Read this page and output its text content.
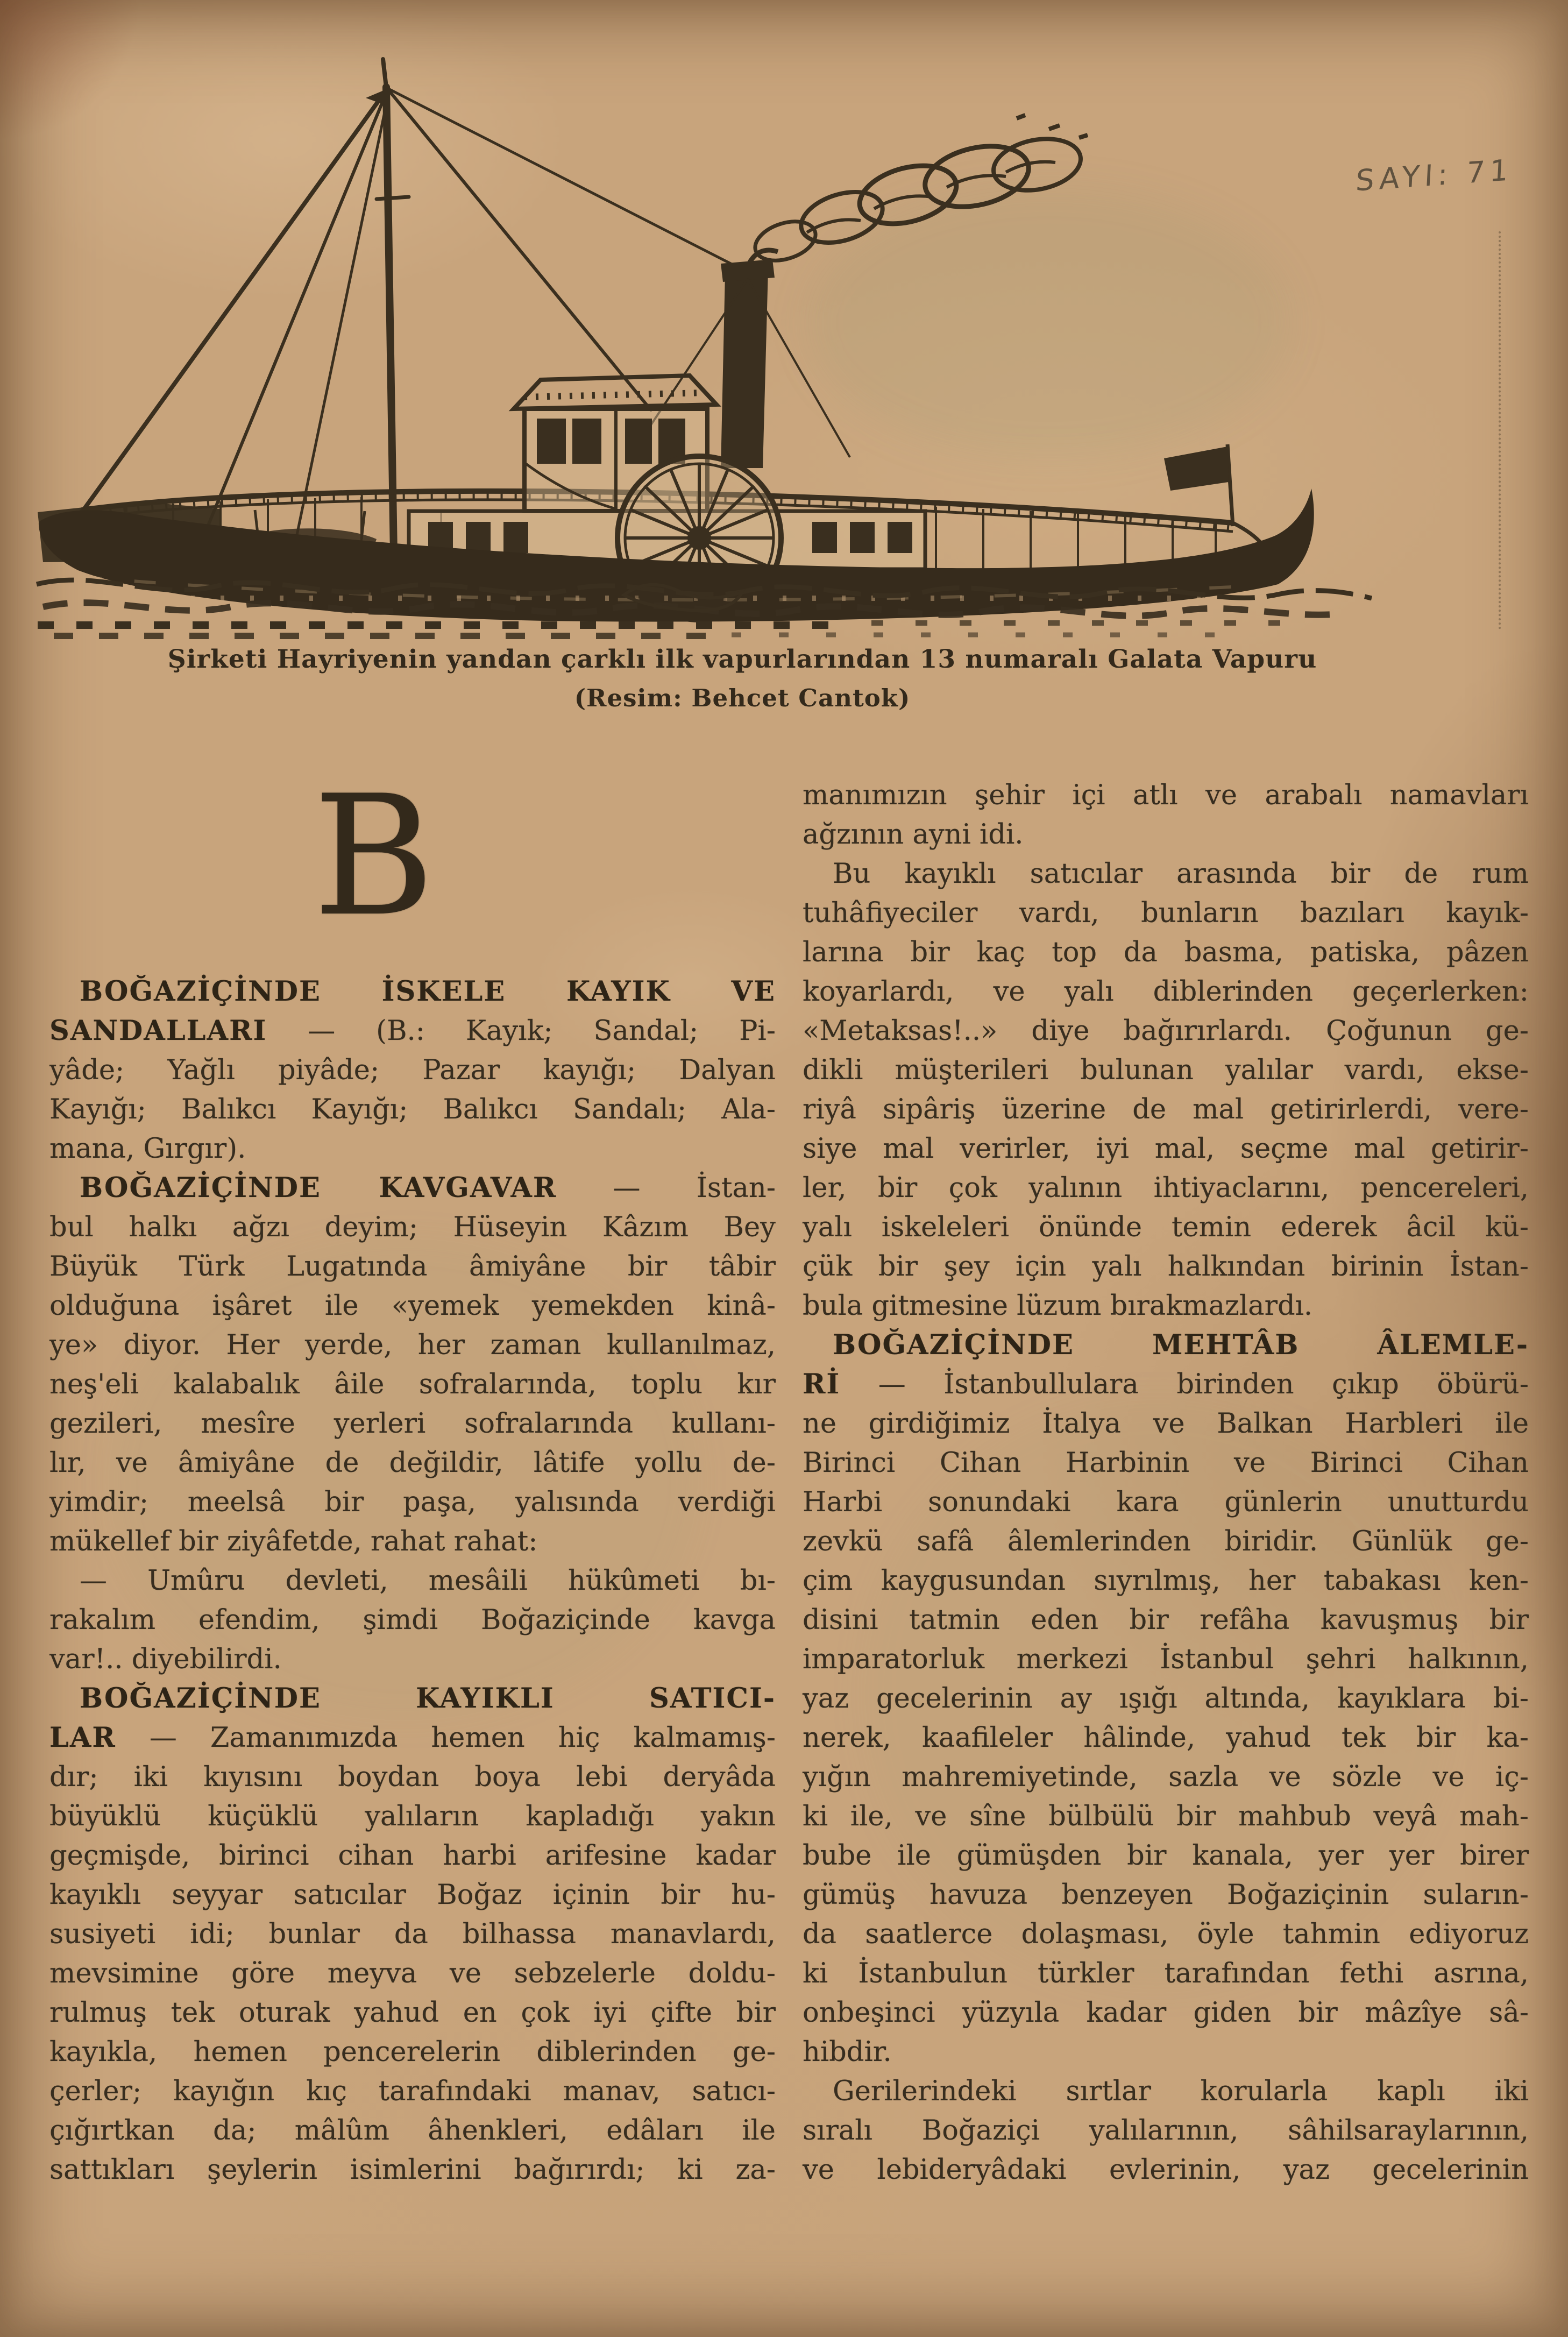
SAYI: 71
Şirketi Hayriyenin yandan çarklı ilk vapurlarından 13 numaralı Galata Vapuru
(Resim: Behcet Cantok)
B
BOĞAZİÇİNDE İSKELE KAYIK VE
SANDALLARI — (B.: Kayık; Sandal; Pi-
yâde; Yağlı piyâde; Pazar kayığı; Dalyan
Kayığı; Balıkcı Kayığı; Balıkcı Sandalı; Ala-
mana, Gırgır).
BOĞAZİÇİNDE KAVGAVAR — İstan-
bul halkı ağzı deyim; Hüseyin Kâzım Bey
Büyük Türk Lugatında âmiyâne bir tâbir
olduğuna işâret ile «yemek yemekden kinâ-
ye» diyor. Her yerde, her zaman kullanılmaz,
neş'eli kalabalık âile sofralarında, toplu kır
gezileri, mesîre yerleri sofralarında kullanı-
lır, ve âmiyâne de değildir, lâtife yollu de-
yimdir; meelsâ bir paşa, yalısında verdiği
mükellef bir ziyâfetde, rahat rahat:
— Umûru devleti, mesâili hükûmeti bı-
rakalım efendim, şimdi Boğaziçinde kavga
var!.. diyebilirdi.
BOĞAZİÇİNDE KAYIKLI SATICI-
LAR — Zamanımızda hemen hiç kalmamış-
dır; iki kıyısını boydan boya lebi deryâda
büyüklü küçüklü yalıların kapladığı yakın
geçmişde, birinci cihan harbi arifesine kadar
kayıklı seyyar satıcılar Boğaz içinin bir hu-
susiyeti idi; bunlar da bilhassa manavlardı,
mevsimine göre meyva ve sebzelerle doldu-
rulmuş tek oturak yahud en çok iyi çifte bir
kayıkla, hemen pencerelerin diblerinden ge-
çerler; kayığın kıç tarafındaki manav, satıcı-
çığırtkan da; mâlûm âhenkleri, edâları ile
sattıkları şeylerin isimlerini bağırırdı; ki za-
manımızın şehir içi atlı ve arabalı namavları
ağzının ayni idi.
Bu kayıklı satıcılar arasında bir de rum
tuhâfiyeciler vardı, bunların bazıları kayık-
larına bir kaç top da basma, patiska, pâzen
koyarlardı, ve yalı diblerinden geçerlerken:
«Metaksas!..» diye bağırırlardı. Çoğunun ge-
dikli müşterileri bulunan yalılar vardı, ekse-
riyâ sipâriş üzerine de mal getirirlerdi, vere-
siye mal verirler, iyi mal, seçme mal getirir-
ler, bir çok yalının ihtiyaclarını, pencereleri,
yalı iskeleleri önünde temin ederek âcil kü-
çük bir şey için yalı halkından birinin İstan-
bula gitmesine lüzum bırakmazlardı.
BOĞAZİÇİNDE MEHTÂB ÂLEMLE-
Rİ — İstanbullulara birinden çıkıp öbürü-
ne girdiğimiz İtalya ve Balkan Harbleri ile
Birinci Cihan Harbinin ve Birinci Cihan
Harbi sonundaki kara günlerin unutturdu
zevkü safâ âlemlerinden biridir. Günlük ge-
çim kaygusundan sıyrılmış, her tabakası ken-
disini tatmin eden bir refâha kavuşmuş bir
imparatorluk merkezi İstanbul şehri halkının,
yaz gecelerinin ay ışığı altında, kayıklara bi-
nerek, kaafileler hâlinde, yahud tek bir ka-
yığın mahremiyetinde, sazla ve sözle ve iç-
ki ile, ve sîne bülbülü bir mahbub veyâ mah-
bube ile gümüşden bir kanala, yer yer birer
gümüş havuza benzeyen Boğaziçinin suların-
da saatlerce dolaşması, öyle tahmin ediyoruz
ki İstanbulun türkler tarafından fethi asrına,
onbeşinci yüzyıla kadar giden bir mâzîye sâ-
hibdir.
Gerilerindeki sırtlar korularla kaplı iki
sıralı Boğaziçi yalılarının, sâhilsaraylarının,
ve lebideryâdaki evlerinin, yaz gecelerinin
